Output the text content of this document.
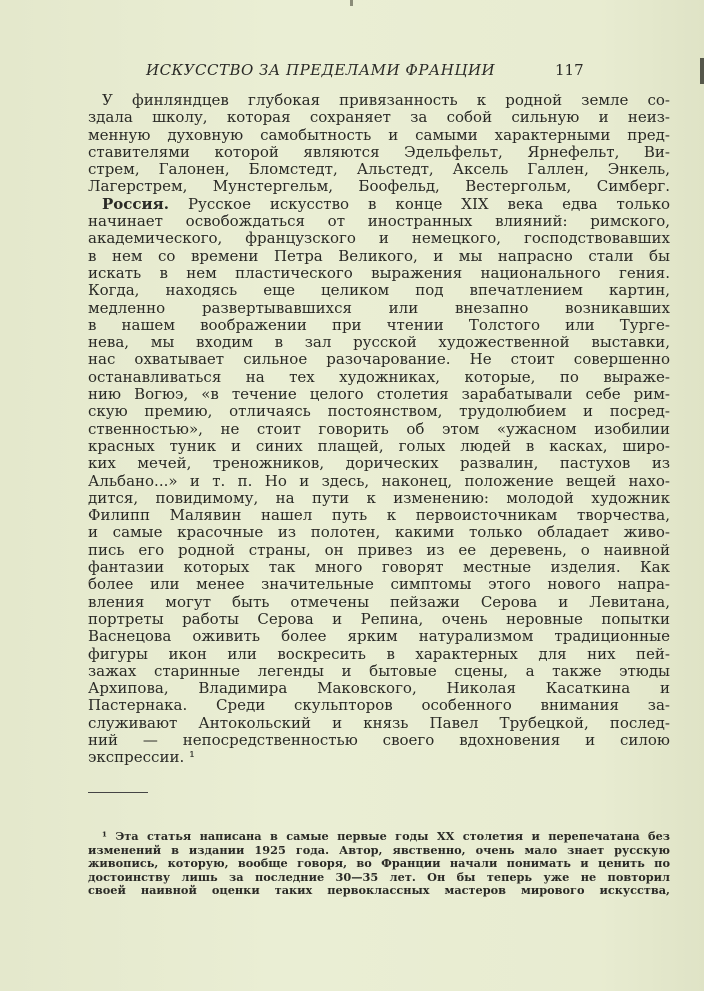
ИСКУССТВО ЗА ПРЕДЕЛАМИ ФРАНЦИИ	117
У финляндцев глубокая привязанность к родной земле со-
здала школу, которая сохраняет за собой сильную и неиз-
менную духовную самобытность и самыми характерными пред-
ставителями которой являются Эдельфельт, Ярнефельт, Ви-
стрем, Галонен, Бломстедт, Альстедт, Аксель Галлен, Энкель,
Лагерстрем, Мунстергельм, Боофельд, Вестергольм, Симберг.
Россия. Русское искусство в конце XIX века едва только
начинает освобождаться от иностранных влияний: римского,
академического, французского и немецкого, господствовавших
в нем со времени Петра Великого, и мы напрасно стали бы
искать в нем пластического выражения национального гения.
Когда, находясь еще целиком под впечатлением картин,
медленно развертывавшихся или внезапно возникавших
в нашем воображении при чтении Толстого или Турге-
нева, мы входим в зал русской художественной выставки,
нас охватывает сильное разочарование. Не стоит совершенно
останавливаться на тех художниках, которые, по выраже-
нию Вогюэ, «в течение целого столетия зарабатывали себе рим-
скую премию, отличаясь постоянством, трудолюбием и посред-
ственностью», не стоит говорить об этом «ужасном изобилии
красных туник и синих плащей, голых людей в касках, широ-
ких мечей, треножников, дорических развалин, пастухов из
Альбано...» и т. п. Но и здесь, наконец, положение вещей нахо-
дится, повидимому, на пути к изменению: молодой художник
Филипп Малявин нашел путь к первоисточникам творчества,
и самые красочные из полотен, какими только обладает живо-
пись его родной страны, он привез из ее деревень, о наивной
фантазии которых так много говорят местные изделия. Как
более или менее значительные симптомы этого нового напра-
вления могут быть отмечены пейзажи Серова и Левитана,
портреты работы Серова и Репина, очень неровные попытки
Васнецова оживить более ярким натурализмом традиционные
фигуры икон или воскресить в характерных для них пей-
зажах старинные легенды и бытовые сцены, а также этюды
Архипова, Владимира Маковского, Николая Касаткина и
Пастернака. Среди скульпторов особенного внимания за-
служивают Антокольский и князь Павел Трубецкой, послед-
ний — непосредственностью своего вдохновения и силою
экспрессии. ¹
¹ Эта статья написана в самые первые годы XX столетия и перепечатана без
изменений в издании 1925 года. Автор, явственно, очень мало знает русскую
живопись, которую, вообще говоря, во Франции начали понимать и ценить по
достоинству лишь за последние 30—35 лет. Он бы теперь уже не повторил
своей наивной оценки таких первоклассных мастеров мирового искусства,
